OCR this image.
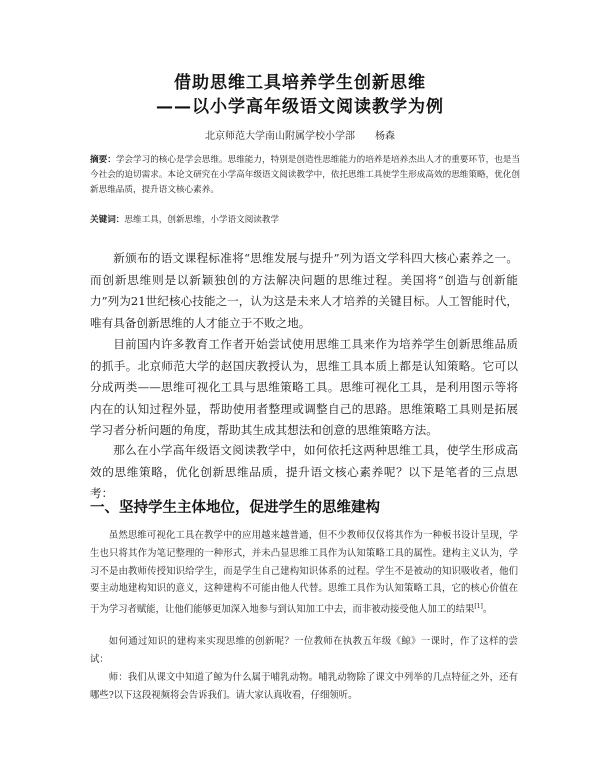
借助思维工具培养学生创新思维
——以小学高年级语文阅读教学为例
北京师范大学南山附属学校小学部 杨森
摘要：学会学习的核心是学会思维。思维能力，特别是创造性思维能力的培养是培养杰出人才的重要环节，也是当今社会的迫切需求。本论文研究在小学高年级语文阅读教学中，依托思维工具使学生形成高效的思维策略，优化创新思维品质，提升语文核心素养。
关键词：思维工具，创新思维，小学语文阅读教学

新颁布的语文课程标准将“思维发展与提升”列为语文学科四大核心素养之一。而创新思维则是以新颖独创的方法解决问题的思维过程。美国将“创造与创新能力”列为21世纪核心技能之一，认为这是未来人才培养的关键目标。人工智能时代，唯有具备创新思维的人才能立于不败之地。

目前国内许多教育工作者开始尝试使用思维工具来作为培养学生创新思维品质的抓手。北京师范大学的赵国庆教授认为，思维工具本质上都是认知策略。它可以分成两类——思维可视化工具与思维策略工具。思维可视化工具，是利用图示等将内在的认知过程外显，帮助使用者整理或调整自己的思路。思维策略工具则是拓展学习者分析问题的角度，帮助其生成其想法和创意的思维策略方法。

那么在小学高年级语文阅读教学中，如何依托这两种思维工具，使学生形成高效的思维策略，优化创新思维品质，提升语文核心素养呢？以下是笔者的三点思考：

一、坚持学生主体地位，促进学生的思维建构

虽然思维可视化工具在教学中的应用越来越普通，但不少教师仅仅将其作为一种板书设计呈现，学生也只将其作为笔记整理的一种形式，并未凸显思维工具作为认知策略工具的属性。建构主义认为，学习不是由教师传授知识给学生，而是学生自己建构知识体系的过程。学生不是被动的知识吸收者，他们要主动地建构知识的意义，这种建构不可能由他人代替。思维工具作为认知策略工具，它的核心价值在于为学习者赋能，让他们能够更加深入地参与到认知加工中去，而非被动接受他人加工的结果[1]。

如何通过知识的建构来实现思维的创新呢？一位教师在执教五年级《鲸》一课时，作了这样的尝试：

师：我们从课文中知道了鲸为什么属于哺乳动物。哺乳动物除了课文中列举的几点特征之外，还有哪些?以下这段视频将会告诉我们。请大家认真收看，仔细领听。
